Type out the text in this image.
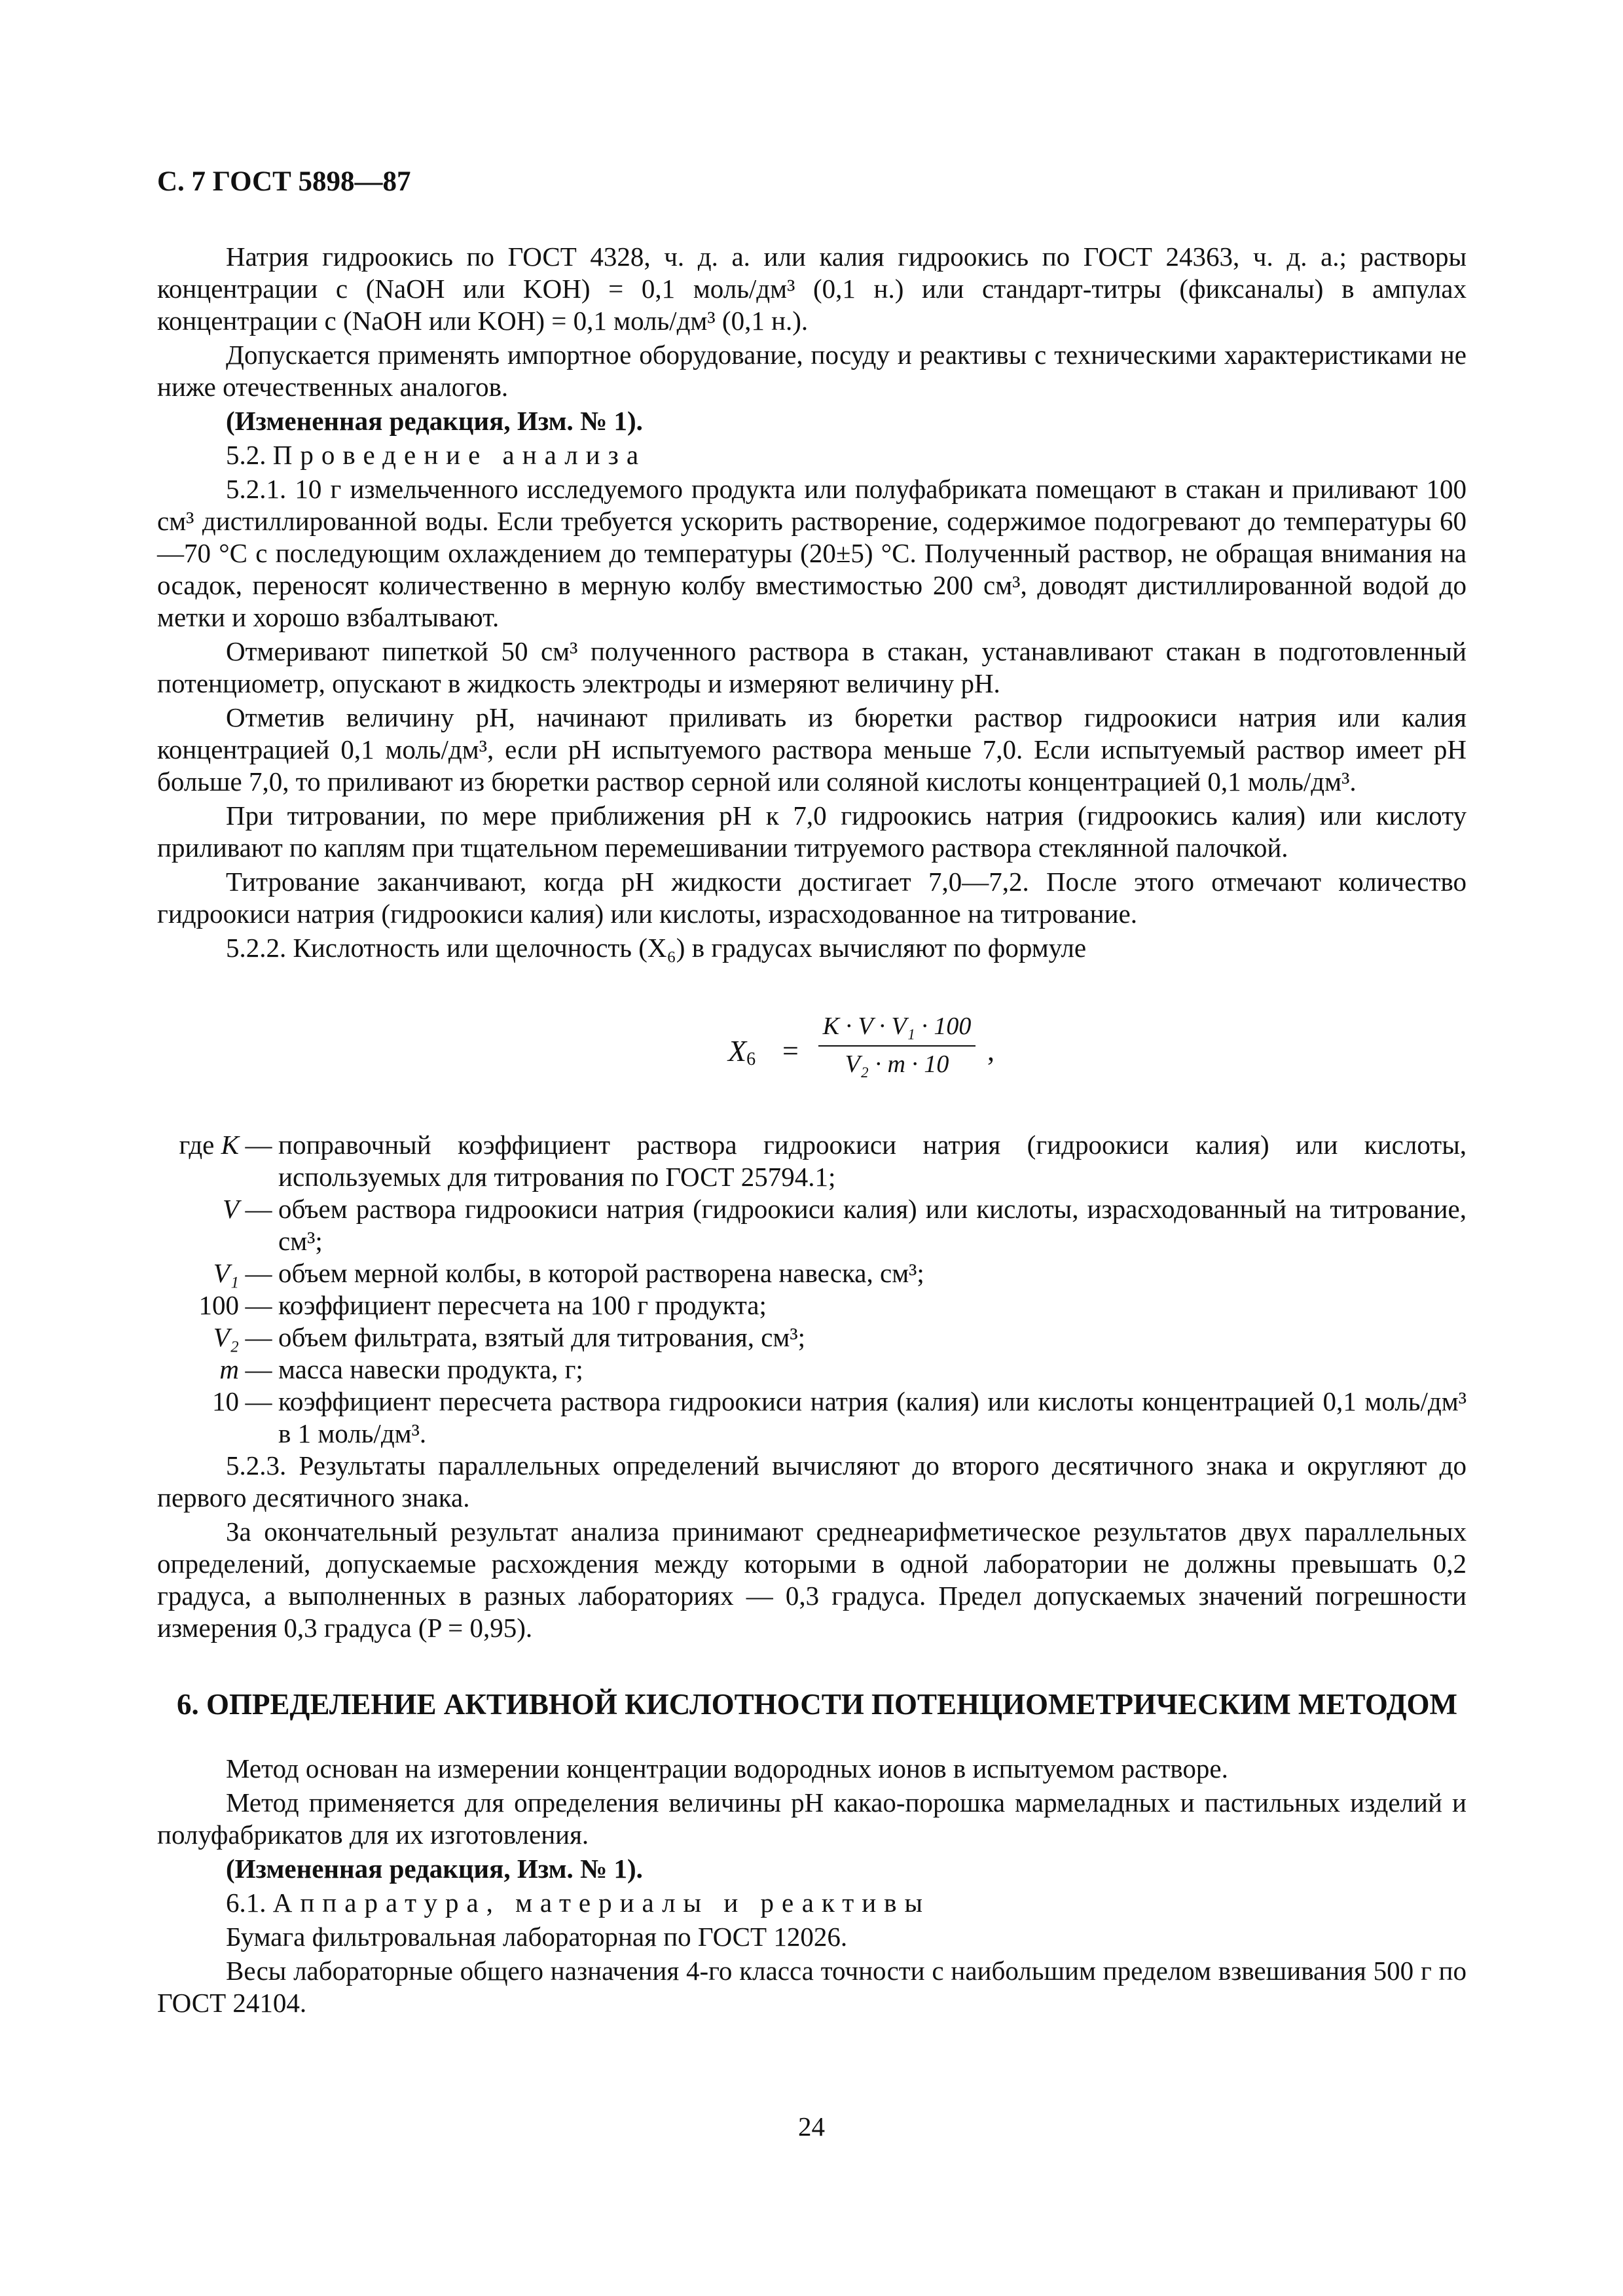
С. 7 ГОСТ 5898—87

Натрия гидроокись по ГОСТ 4328, ч. д. а. или калия гидроокись по ГОСТ 24363, ч. д. а.; растворы концентрации c (NaOH или KOH) = 0,1 моль/дм³ (0,1 н.) или стандарт-титры (фиксаналы) в ампулах концентрации c (NaOH или KOH) = 0,1 моль/дм³ (0,1 н.).

Допускается применять импортное оборудование, посуду и реактивы с техническими характеристиками не ниже отечественных аналогов.

(Измененная редакция, Изм. № 1).

5.2. Проведение анализа

5.2.1. 10 г измельченного исследуемого продукта или полуфабриката помещают в стакан и приливают 100 см³ дистиллированной воды. Если требуется ускорить растворение, содержимое подогревают до температуры 60—70 °С с последующим охлаждением до температуры (20±5) °С. Полученный раствор, не обращая внимания на осадок, переносят количественно в мерную колбу вместимостью 200 см³, доводят дистиллированной водой до метки и хорошо взбалтывают.

Отмеривают пипеткой 50 см³ полученного раствора в стакан, устанавливают стакан в подготовленный потенциометр, опускают в жидкость электроды и измеряют величину pH.

Отметив величину pH, начинают приливать из бюретки раствор гидроокиси натрия или калия концентрацией 0,1 моль/дм³, если pH испытуемого раствора меньше 7,0. Если испытуемый раствор имеет pH больше 7,0, то приливают из бюретки раствор серной или соляной кислоты концентрацией 0,1 моль/дм³.

При титровании, по мере приближения pH к 7,0 гидроокись натрия (гидроокись калия) или кислоту приливают по каплям при тщательном перемешивании титруемого раствора стеклянной палочкой.

Титрование заканчивают, когда pH жидкости достигает 7,0—7,2. После этого отмечают количество гидроокиси натрия (гидроокиси калия) или кислоты, израсходованное на титрование.

5.2.2. Кислотность или щелочность (X₆) в градусах вычисляют по формуле

$X_6$ =
K · V · V₁ · 100
V₂ · m · 10	,
где K — поправочный коэффициент раствора гидроокиси натрия (гидроокиси калия) или кислоты, используемых для титрования по ГОСТ 25794.1;
V — объем раствора гидроокиси натрия (гидроокиси калия) или кислоты, израсходованный на титрование, см³;
V₁ — объем мерной колбы, в которой растворена навеска, см³;
100 — коэффициент пересчета на 100 г продукта;
V₂ — объем фильтрата, взятый для титрования, см³;
m — масса навески продукта, г;
10 — коэффициент пересчета раствора гидроокиси натрия (калия) или кислоты концентрацией 0,1 моль/дм³ в 1 моль/дм³.

5.2.3. Результаты параллельных определений вычисляют до второго десятичного знака и округляют до первого десятичного знака.

За окончательный результат анализа принимают среднеарифметическое результатов двух параллельных определений, допускаемые расхождения между которыми в одной лаборатории не должны превышать 0,2 градуса, а выполненных в разных лабораториях — 0,3 градуса. Предел допускаемых значений погрешности измерения 0,3 градуса (P = 0,95).

6. ОПРЕДЕЛЕНИЕ АКТИВНОЙ КИСЛОТНОСТИ ПОТЕНЦИОМЕТРИЧЕСКИМ МЕТОДОМ

Метод основан на измерении концентрации водородных ионов в испытуемом растворе.

Метод применяется для определения величины pH какао-порошка мармеладных и пастильных изделий и полуфабрикатов для их изготовления.

(Измененная редакция, Изм. № 1).

6.1. Аппаратура, материалы и реактивы

Бумага фильтровальная лабораторная по ГОСТ 12026.

Весы лабораторные общего назначения 4-го класса точности с наибольшим пределом взвешивания 500 г по ГОСТ 24104.

24
